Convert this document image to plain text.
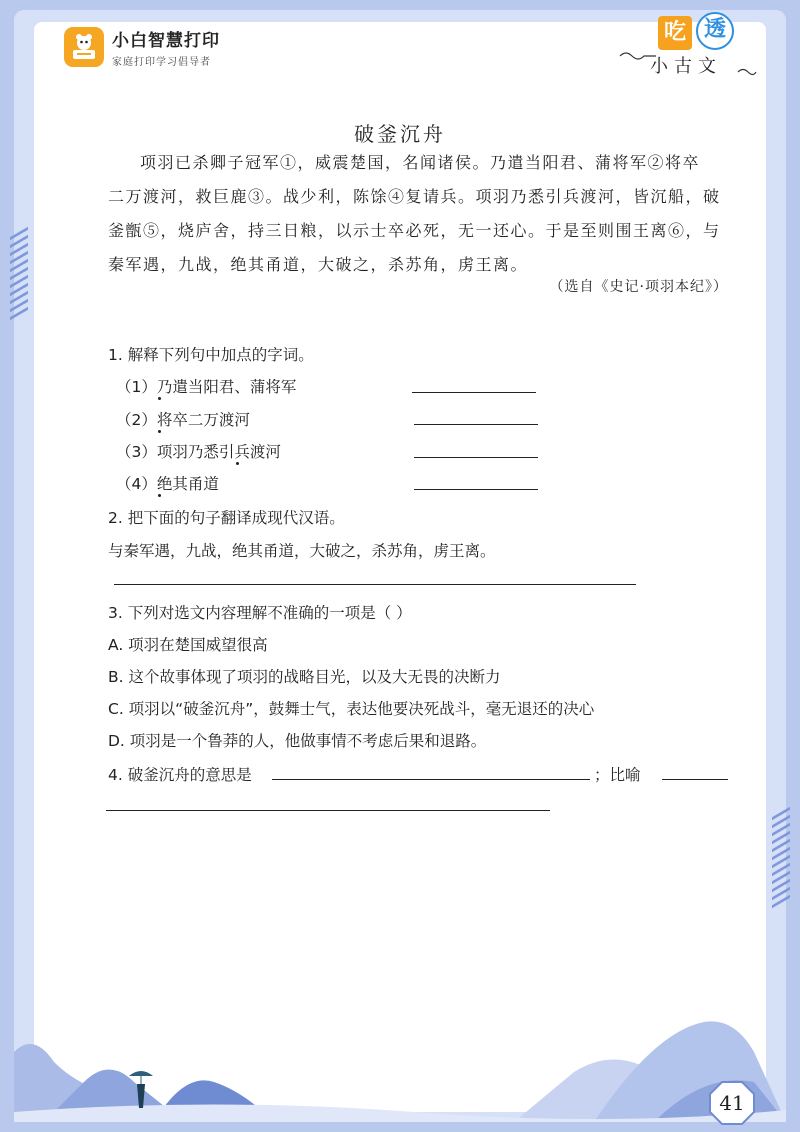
小白智慧打印
家庭打印学习倡导者
吃 透
小古文
破釜沉舟
项羽已杀卿子冠军①，威震楚国，名闻诸侯。乃遣当阳君、蒲将军②将卒
二万渡河，救巨鹿③。战少利，陈馀④复请兵。项羽乃悉引兵渡河，皆沉船，破
釜甑⑤，烧庐舍，持三日粮，以示士卒必死，无一还心。于是至则围王离⑥，与
秦军遇，九战，绝其甬道，大破之，杀苏角，虏王离。
（选自《史记·项羽本纪》）
1. 解释下列句中加点的字词。
（1）乃遣当阳君、蒲将军
（2）将卒二万渡河
（3）项羽乃悉引兵渡河
（4）绝其甬道
2. 把下面的句子翻译成现代汉语。
与秦军遇，九战，绝其甬道，大破之，杀苏角，虏王离。
3. 下列对选文内容理解不准确的一项是（ ）
A. 项羽在楚国威望很高
B. 这个故事体现了项羽的战略目光，以及大无畏的决断力
C. 项羽以“破釜沉舟”，鼓舞士气，表达他要决死战斗，毫无退还的决心
D. 项羽是一个鲁莽的人，他做事情不考虑后果和退路。
4. 破釜沉舟的意思是	；比喻
41
